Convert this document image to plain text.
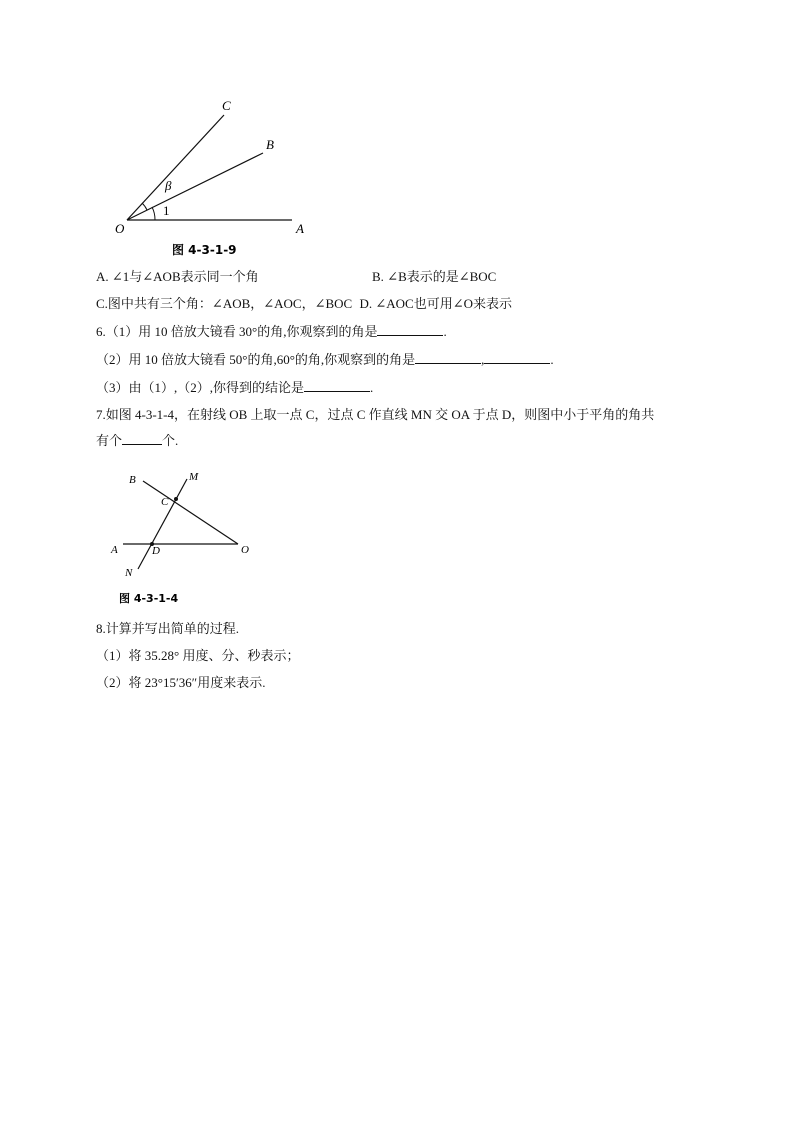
C
B
β
1
O	A
图 4-3-1-9
A. ∠1与∠AOB表示同一个角	B. ∠B表示的是∠BOC
C.图中共有三个角：∠AOB，∠AOC，∠BOC D. ∠AOC也可用∠O来表示
6.（1）用 10 倍放大镜看 30°的角,你观察到的角是	.
（2）用 10 倍放大镜看 50°的角,60°的角,你观察到的角是	,	.
（3）由（1）,（2）,你得到的结论是	.
7.如图 4-3-1-4，在射线 OB 上取一点 C，过点 C 作直线 MN 交 OA 于点 D，则图中小于平角的角共
有个	个.
B	M
C
A	D	O
N
图 4-3-1-4
8.计算并写出简单的过程.
（1）将 35.28° 用度、分、秒表示；
（2）将 23°15′36″用度来表示.
